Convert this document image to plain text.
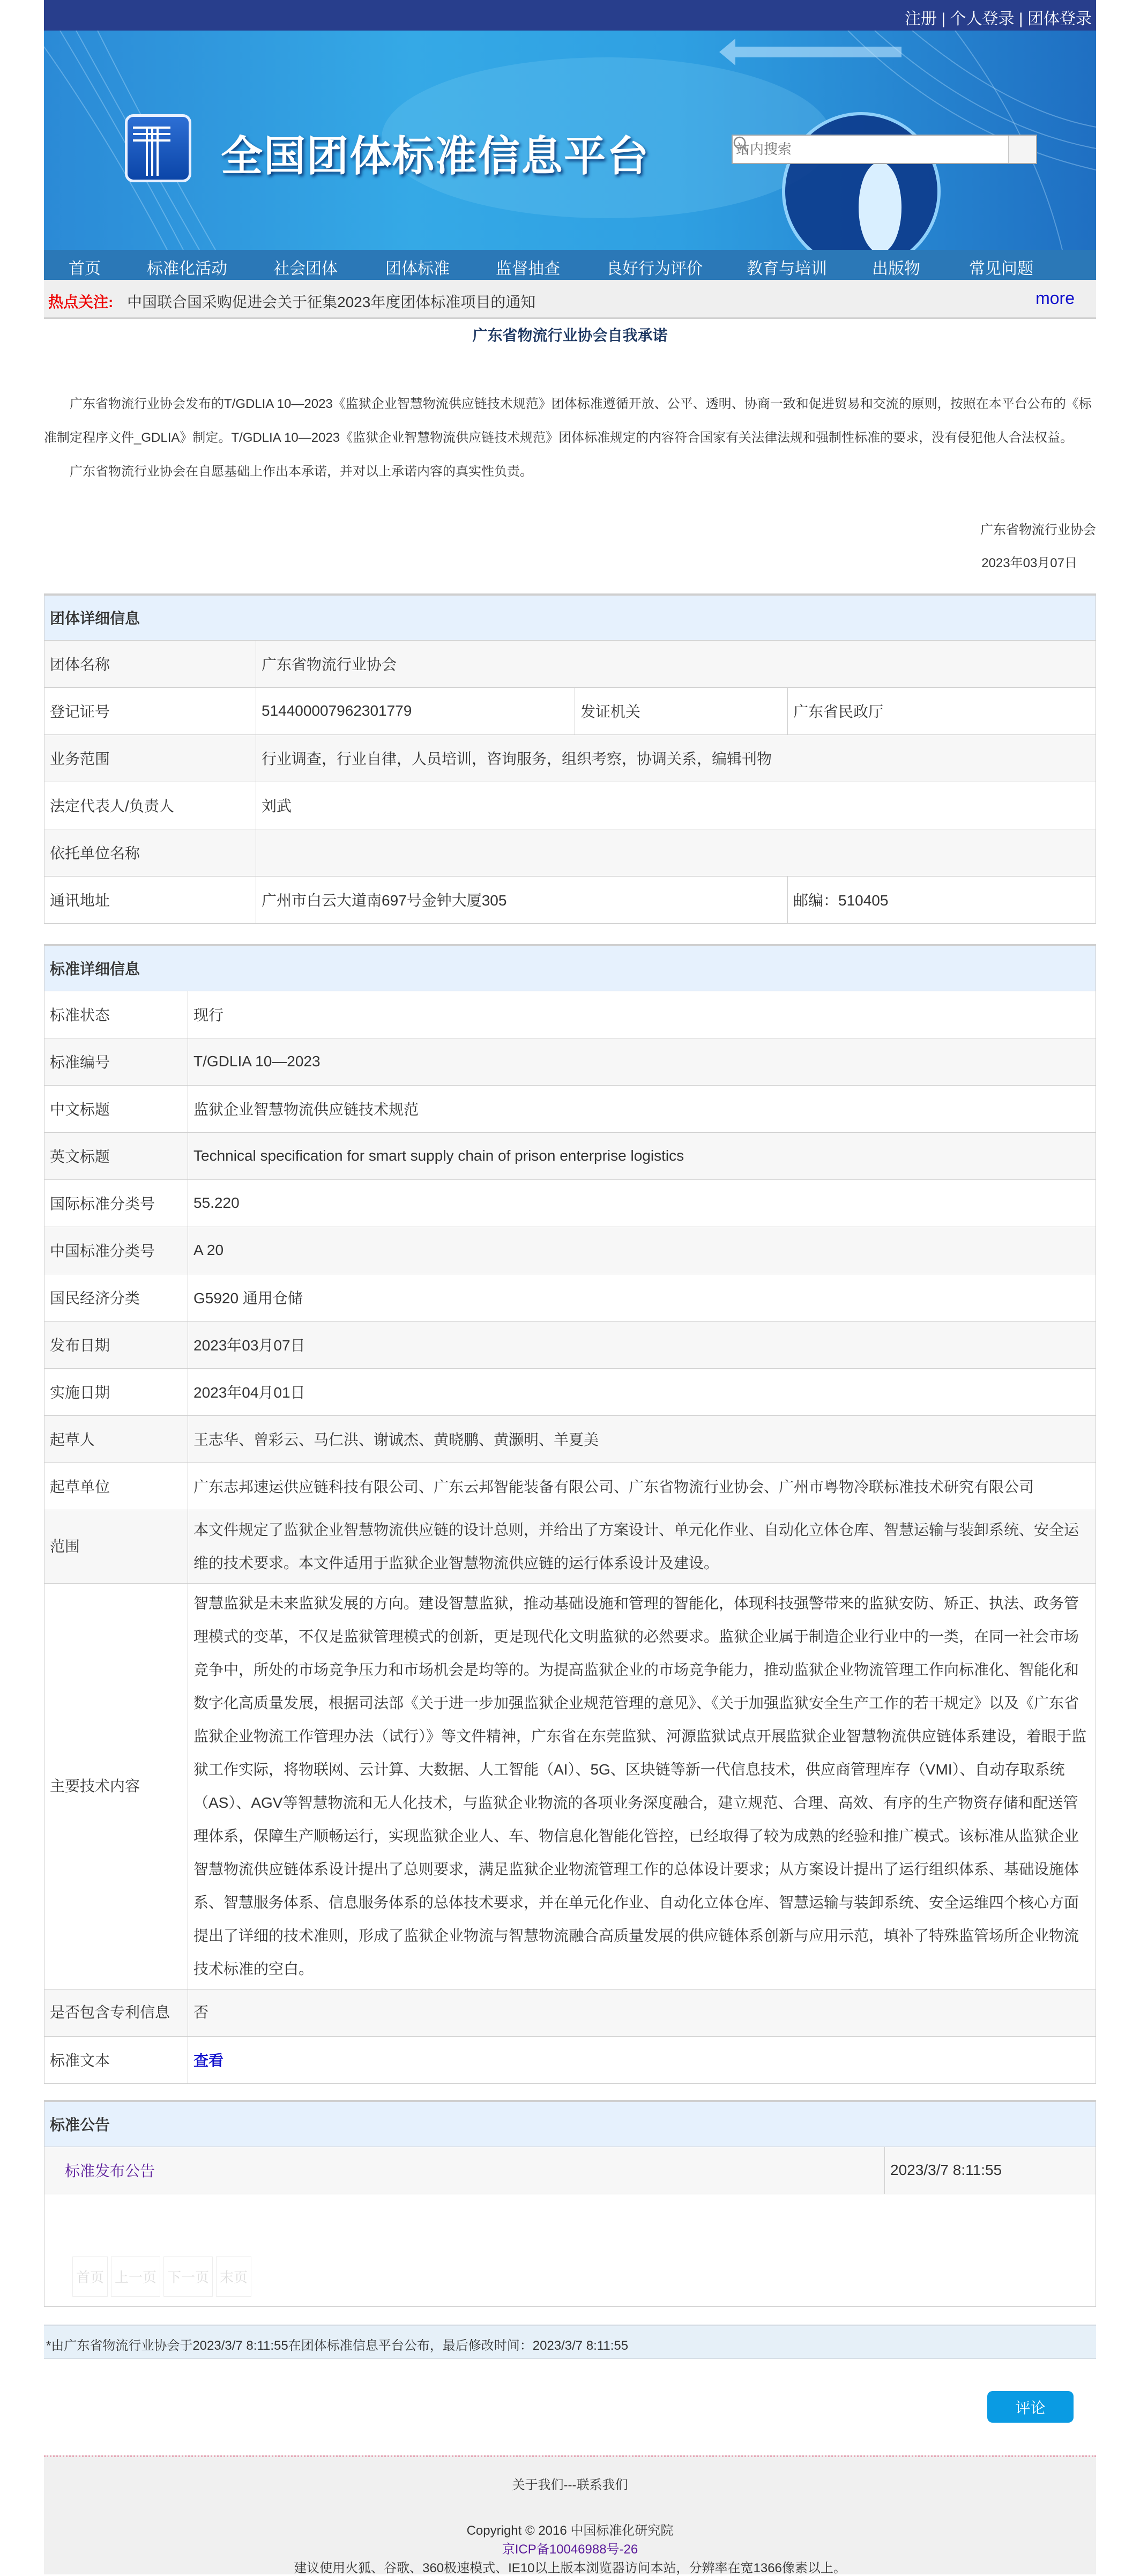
注册 | 个人登录 | 团体登录
全国团体标准信息平台
站内搜索
首页	标准化活动	社会团体	团体标准	监督抽查	良好行为评价	教育与培训	出版物	常见问题
热点关注: 中国联合国采购促进会关于征集2023年度团体标准项目的通知	more
广东省物流行业协会自我承诺

广东省物流行业协会发布的T/GDLIA 10—2023《监狱企业智慧物流供应链技术规范》团体标准遵循开放、公平、透明、协商一致和促进贸易和交流的原则，按照在本平台公布的《标准制定程序文件_GDLIA》制定。T/GDLIA 10—2023《监狱企业智慧物流供应链技术规范》团体标准规定的内容符合国家有关法律法规和强制性标准的要求，没有侵犯他人合法权益。

广东省物流行业协会在自愿基础上作出本承诺，并对以上承诺内容的真实性负责。

广东省物流行业协会
2023年03月07日
团体详细信息			
团体名称	广东省物流行业协会		
登记证号	514400007962301779	发证机关	广东省民政厅
业务范围	行业调查，行业自律，人员培训，咨询服务，组织考察，协调关系，编辑刊物		
法定代表人/负责人	刘武		
依托单位名称			
通讯地址	广州市白云大道南697号金钟大厦305		邮编：510405
标准详细信息	
标准状态	现行
标准编号	T/GDLIA 10—2023
中文标题	监狱企业智慧物流供应链技术规范
英文标题	Technical specification for smart supply chain of prison enterprise logistics
国际标准分类号	55.220
中国标准分类号	A 20
国民经济分类	G5920 通用仓储
发布日期	2023年03月07日
实施日期	2023年04月01日
起草人	王志华、曾彩云、马仁洪、谢诚杰、黄晓鹏、黄灏明、羊夏美
起草单位	广东志邦速运供应链科技有限公司、广东云邦智能装备有限公司、广东省物流行业协会、广州市粤物冷联标准技术研究有限公司
范围	本文件规定了监狱企业智慧物流供应链的设计总则，并给出了方案设计、单元化作业、自动化立体仓库、智慧运输与装卸系统、安全运维的技术要求。本文件适用于监狱企业智慧物流供应链的运行体系设计及建设。
主要技术内容	智慧监狱是未来监狱发展的方向。建设智慧监狱，推动基础设施和管理的智能化，体现科技强警带来的监狱安防、矫正、执法、政务管理模式的变革，不仅是监狱管理模式的创新，更是现代化文明监狱的必然要求。监狱企业属于制造企业行业中的一类，在同一社会市场竞争中，所处的市场竞争压力和市场机会是均等的。为提高监狱企业的市场竞争能力，推动监狱企业物流管理工作向标准化、智能化和数字化高质量发展，根据司法部《关于进一步加强监狱企业规范管理的意见》、《关于加强监狱安全生产工作的若干规定》以及《广东省监狱企业物流工作管理办法（试行）》等文件精神，广东省在东莞监狱、河源监狱试点开展监狱企业智慧物流供应链体系建设，着眼于监狱工作实际，将物联网、云计算、大数据、人工智能（AI）、5G、区块链等新一代信息技术，供应商管理库存（VMI）、自动存取系统（AS）、AGV等智慧物流和无人化技术，与监狱企业物流的各项业务深度融合，建立规范、合理、高效、有序的生产物资存储和配送管理体系，保障生产顺畅运行，实现监狱企业人、车、物信息化智能化管控，已经取得了较为成熟的经验和推广模式。该标准从监狱企业智慧物流供应链体系设计提出了总则要求，满足监狱企业物流管理工作的总体设计要求；从方案设计提出了运行组织体系、基础设施体系、智慧服务体系、信息服务体系的总体技术要求，并在单元化作业、自动化立体仓库、智慧运输与装卸系统、安全运维四个核心方面提出了详细的技术准则，形成了监狱企业物流与智慧物流融合高质量发展的供应链体系创新与应用示范，填补了特殊监管场所企业物流技术标准的空白。
是否包含专利信息	否
标准文本	查看
标准公告
标准发布公告	2023/3/7 8:11:55
首页 上一页 下一页 末页
*由广东省物流行业协会于2023/3/7 8:11:55在团体标准信息平台公布，最后修改时间：2023/3/7 8:11:55
评论
关于我们---联系我们
Copyright © 2016 中国标准化研究院
京ICP备10046988号-26
建议使用火狐、谷歌、360极速模式、IE10以上版本浏览器访问本站，分辨率在宽1366像素以上。
